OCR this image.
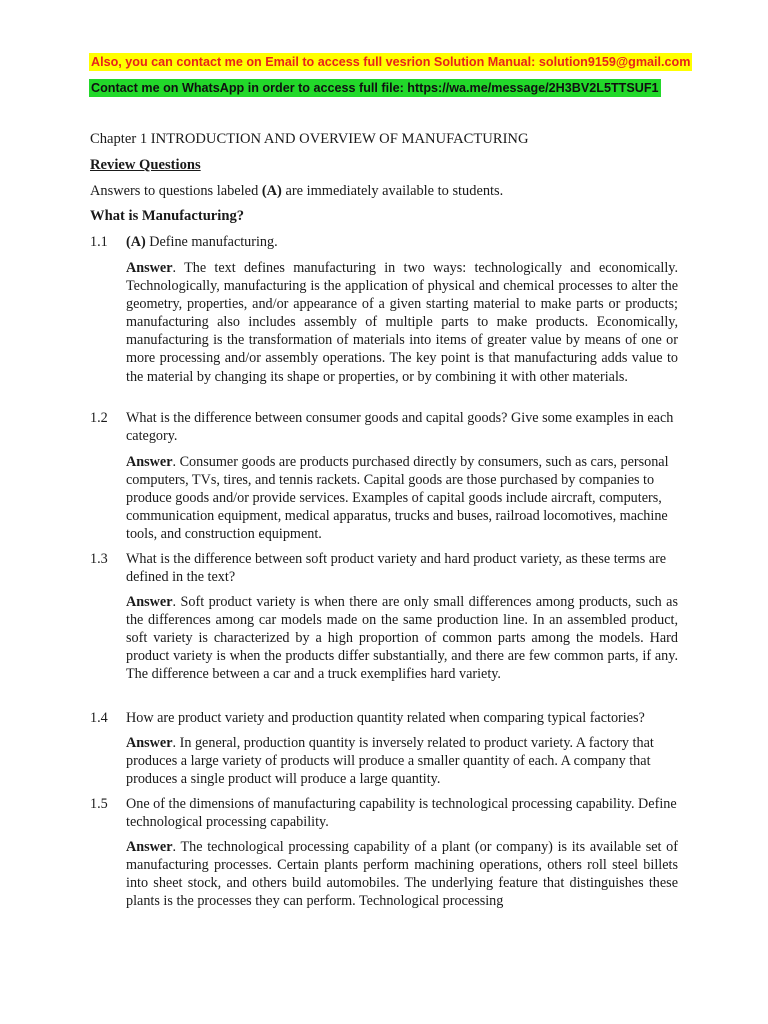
Also, you can contact me on Email to access full vesrion Solution Manual: solution9159@gmail.com
Contact me on WhatsApp in order to access full file: https://wa.me/message/2H3BV2L5TTSUF1
Chapter 1 INTRODUCTION AND OVERVIEW OF MANUFACTURING
Review Questions
Answers to questions labeled (A) are immediately available to students.
What is Manufacturing?
1.1 (A) Define manufacturing.
Answer. The text defines manufacturing in two ways: technologically and economically. Technologically, manufacturing is the application of physical and chemical processes to alter the geometry, properties, and/or appearance of a given starting material to make parts or products; manufacturing also includes assembly of multiple parts to make products. Economically, manufacturing is the transformation of materials into items of greater value by means of one or more processing and/or assembly operations. The key point is that manufacturing adds value to the material by changing its shape or properties, or by combining it with other materials.
1.2 What is the difference between consumer goods and capital goods? Give some examples in each category.
Answer. Consumer goods are products purchased directly by consumers, such as cars, personal computers, TVs, tires, and tennis rackets. Capital goods are those purchased by companies to produce goods and/or provide services. Examples of capital goods include aircraft, computers, communication equipment, medical apparatus, trucks and buses, railroad locomotives, machine tools, and construction equipment.
1.3 What is the difference between soft product variety and hard product variety, as these terms are defined in the text?
Answer. Soft product variety is when there are only small differences among products, such as the differences among car models made on the same production line. In an assembled product, soft variety is characterized by a high proportion of common parts among the models. Hard product variety is when the products differ substantially, and there are few common parts, if any. The difference between a car and a truck exemplifies hard variety.
1.4 How are product variety and production quantity related when comparing typical factories?
Answer. In general, production quantity is inversely related to product variety. A factory that produces a large variety of products will produce a smaller quantity of each. A company that produces a single product will produce a large quantity.
1.5 One of the dimensions of manufacturing capability is technological processing capability. Define technological processing capability.
Answer. The technological processing capability of a plant (or company) is its available set of manufacturing processes. Certain plants perform machining operations, others roll steel billets into sheet stock, and others build automobiles. The underlying feature that distinguishes these plants is the processes they can perform. Technological processing
